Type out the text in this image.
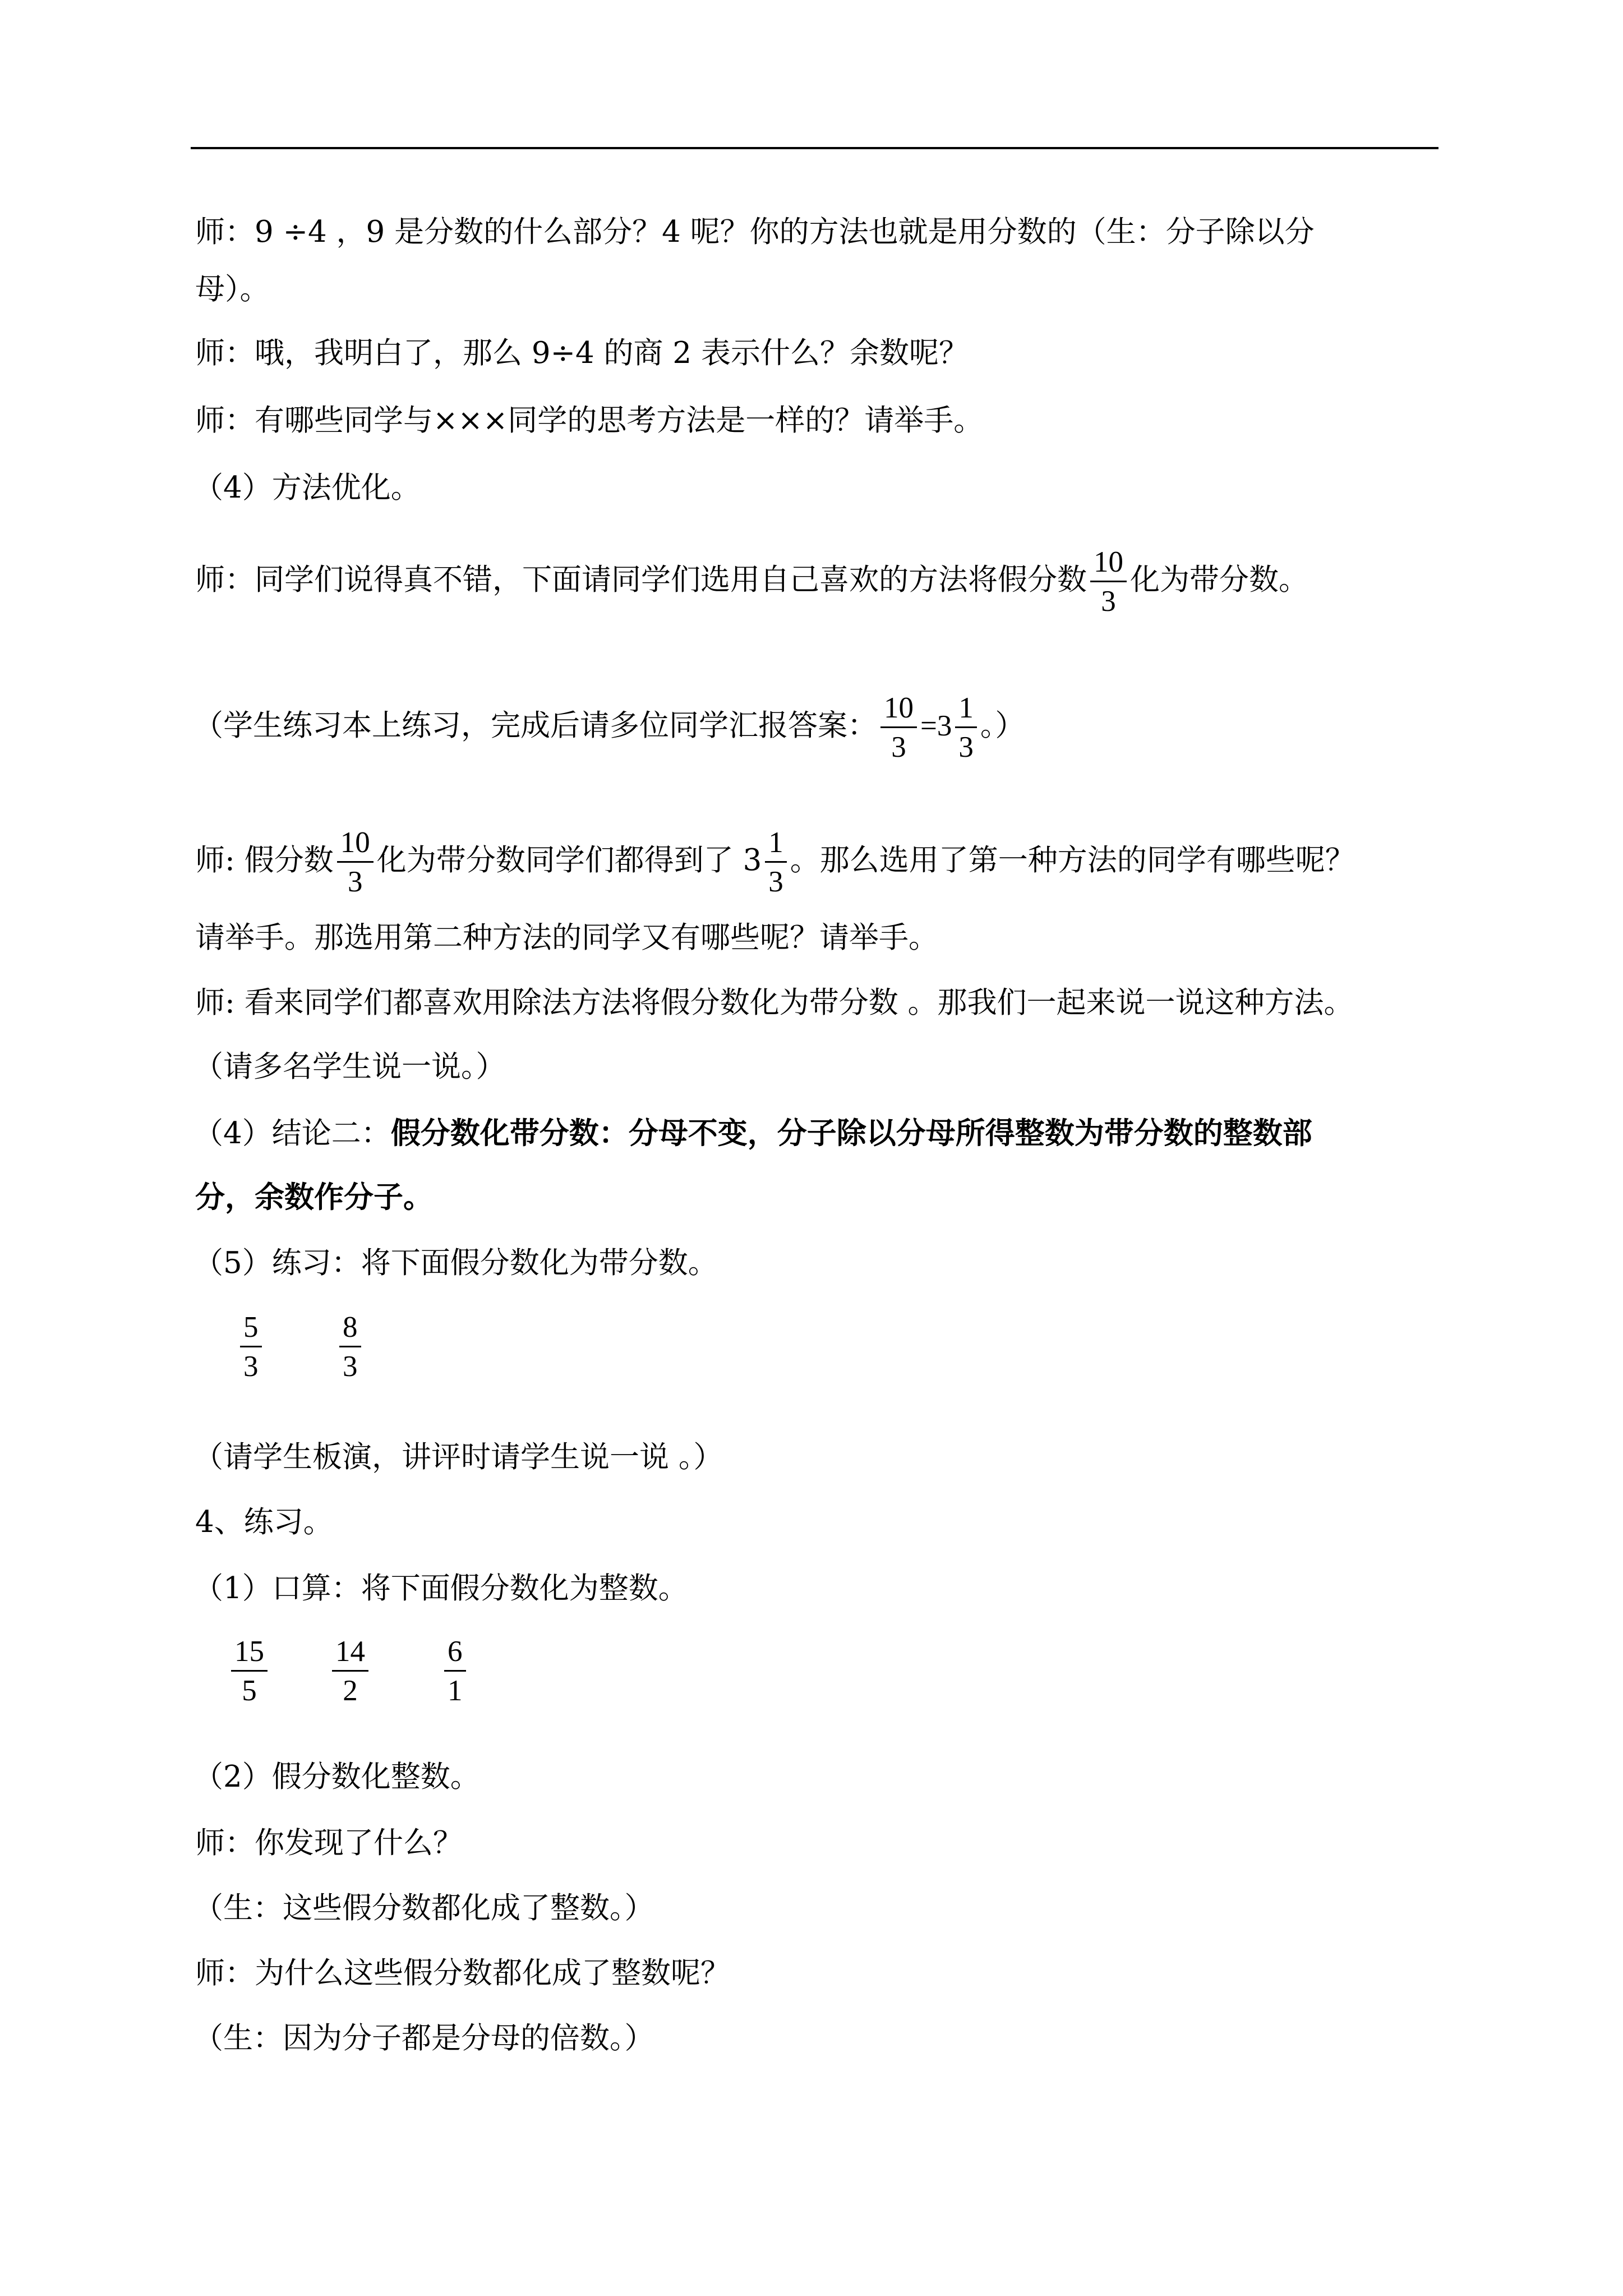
师：9 ÷4 ，9 是分数的什么部分？4 呢？你的方法也就是用分数的（生：分子除以分
母）。
师：哦，我明白了，那么 9÷4 的商 2 表示什么？余数呢？
师：有哪些同学与×××同学的思考方法是一样的？请举手。
（4）方法优化。
师：同学们说得真不错，下面请同学们选用自己喜欢的方法将假分数 $\frac{10}{3}$ 化为带分数。
（学生练习本上练习，完成后请多位同学汇报答案： $\frac{10}{3} =3 \frac{1}{3}$ 。）
师: 假分数 $\frac{10}{3}$ 化为带分数同学们都得到了 $3 \frac{1}{3}$ 。那么选用了第一种方法的同学有哪些呢？
请举手。那选用第二种方法的同学又有哪些呢？请举手。
师: 看来同学们都喜欢用除法方法将假分数化为带分数 。那我们一起来说一说这种方法。
（请多名学生说一说。）
（4）结论二：假分数化带分数：分母不变，分子除以分母所得整数为带分数的整数部
分，余数作分子。
（5）练习：将下面假分数化为带分数。
$\frac{5}{3}$	$\frac{8}{3}$
（请学生板演，讲评时请学生说一说 。）
4、练习。
（1）口算：将下面假分数化为整数。
$\frac{15}{5} \frac{14}{2}$	$\frac{6}{1}$
（2）假分数化整数。
师：你发现了什么？
（生：这些假分数都化成了整数。）
师：为什么这些假分数都化成了整数呢？
（生：因为分子都是分母的倍数。）
